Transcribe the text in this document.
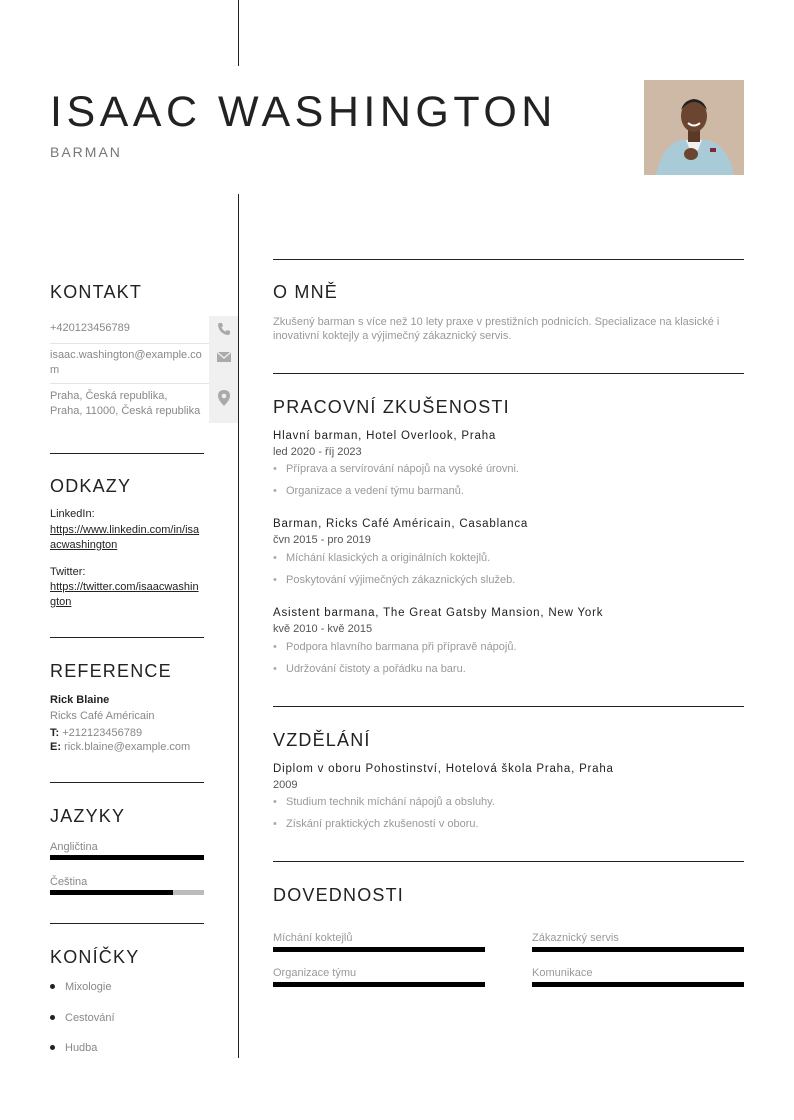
ISAAC WASHINGTON
BARMAN
KONTAKT
+420123456789
isaac.washington@example.com
Praha, Česká republika,
Praha, 11000, Česká republika
ODKAZY
LinkedIn:
https://www.linkedin.com/in/isaacwashington
Twitter:
https://twitter.com/isaacwashington
REFERENCE
Rick Blaine
Ricks Café Américain
T: +212123456789
E: rick.blaine@example.com
JAZYKY
Angličtina
Čeština
KONÍČKY
Mixologie
Cestování
Hudba
O MNĚ
Zkušený barman s více než 10 lety praxe v prestižních podnicích. Specializace na klasické i inovativní koktejly a výjimečný zákaznický servis.
PRACOVNÍ ZKUŠENOSTI
Hlavní barman, Hotel Overlook, Praha
led 2020 - říj 2023
• Příprava a servírování nápojů na vysoké úrovni.
• Organizace a vedení týmu barmanů.
Barman, Ricks Café Américain, Casablanca
čvn 2015 - pro 2019
• Míchání klasických a originálních koktejlů.
• Poskytování výjimečných zákaznických služeb.
Asistent barmana, The Great Gatsby Mansion, New York
kvě 2010 - kvě 2015
• Podpora hlavního barmana při přípravě nápojů.
• Udržování čistoty a pořádku na baru.
VZDĚLÁNÍ
Diplom v oboru Pohostinství, Hotelová škola Praha, Praha
2009
• Studium technik míchání nápojů a obsluhy.
• Získání praktických zkušeností v oboru.
DOVEDNOSTI
Míchání koktejlů	Zákaznický servis
Organizace týmu	Komunikace
